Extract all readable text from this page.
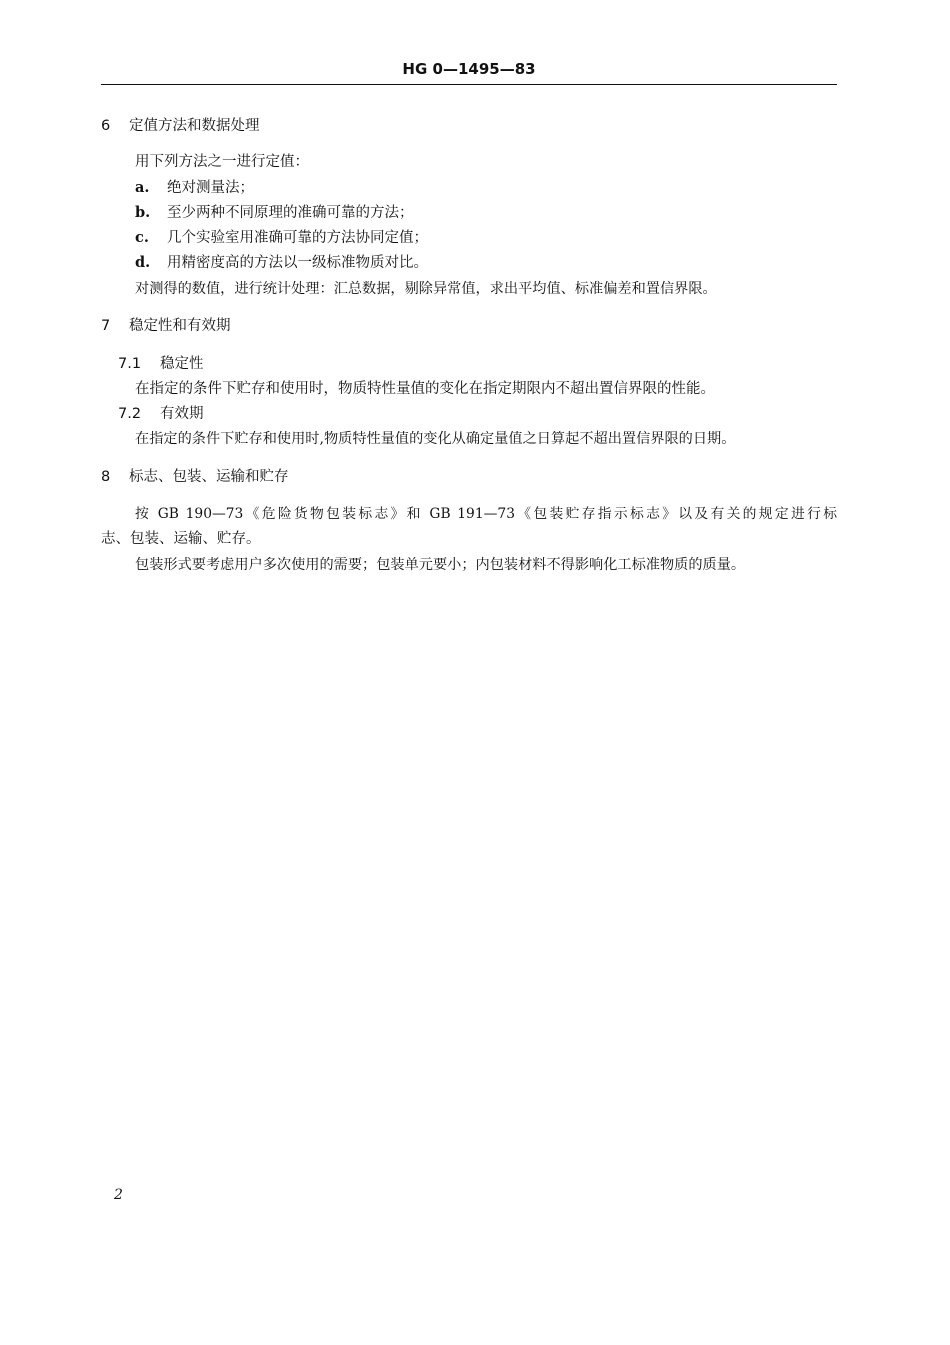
HG 0—1495—83
6 定值方法和数据处理
用下列方法之一进行定值：
a. 绝对测量法；
b. 至少两种不同原理的准确可靠的方法；
c. 几个实验室用准确可靠的方法协同定值；
d. 用精密度高的方法以一级标准物质对比。
对测得的数值，进行统计处理：汇总数据，剔除异常值，求出平均值、标准偏差和置信界限。
7 稳定性和有效期
7.1 稳定性
在指定的条件下贮存和使用时，物质特性量值的变化在指定期限内不超出置信界限的性能。
7.2 有效期
在指定的条件下贮存和使用时,物质特性量值的变化从确定量值之日算起不超出置信界限的日期。
8 标志、包装、运输和贮存
按 GB 190—73《危险货物包装标志》和 GB 191—73《包装贮存指示标志》以及有关的规定进行标
志、包装、运输、贮存。
包装形式要考虑用户多次使用的需要；包装单元要小；内包装材料不得影响化工标准物质的质量。
2
